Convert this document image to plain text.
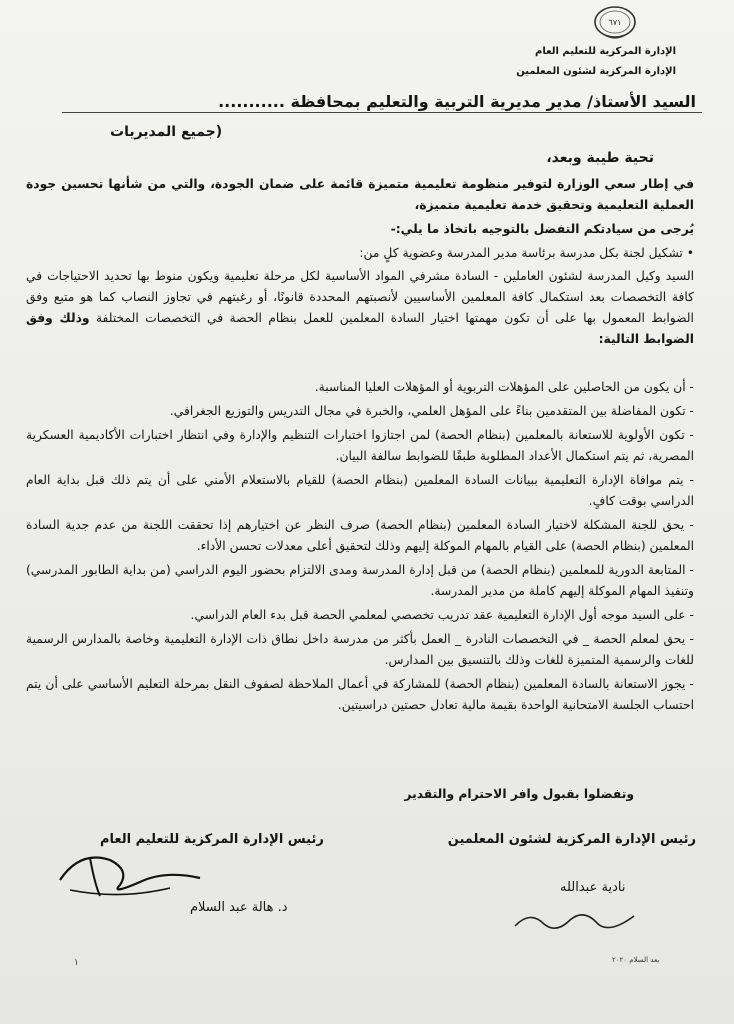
٦٧١
الإدارة المركزية للتعليم العام
الإدارة المركزية لشئون المعلمين
السيد الأستاذ/ مدير مديرية التربية والتعليم بمحافظة ...........
(جميع المديريات
تحية طيبة وبعد،
في إطار سعي الوزارة لتوفير منظومة تعليمية متميزة قائمة على ضمان الجودة، والتي من شأنها تحسين جودة العملية التعليمية وتحقيق خدمة تعليمية متميزة،
يُرجى من سيادتكم التفضل بالتوجيه باتخاذ ما يلي:-
• تشكيل لجنة بكل مدرسة برئاسة مدير المدرسة وعضوية كلٍ من:
السيد وكيل المدرسة لشئون العاملين - السادة مشرفي المواد الأساسية لكل مرحلة تعليمية ويكون منوط بها تحديد الاحتياجات في كافة التخصصات بعد استكمال كافة المعلمين الأساسيين لأنصبتهم المحددة قانونًا، أو رغبتهم في تجاوز النصاب كما هو متبع وفق الضوابط المعمول بها على أن تكون مهمتها اختيار السادة المعلمين للعمل بنظام الحصة في التخصصات المختلفة وذلك وفق الضوابط التالية:
- أن يكون من الحاصلين على المؤهلات التربوية أو المؤهلات العليا المناسبة.
- تكون المفاضلة بين المتقدمين بناءً على المؤهل العلمي، والخبرة في مجال التدريس والتوزيع الجغرافي.
- تكون الأولوية للاستعانة بالمعلمين (بنظام الحصة) لمن اجتازوا اختبارات التنظيم والإدارة وفي انتظار اختبارات الأكاديمية العسكرية المصرية، ثم يتم استكمال الأعداد المطلوبة طبقًا للضوابط سالفة البيان.
- يتم موافاة الإدارة التعليمية ببيانات السادة المعلمين (بنظام الحصة) للقيام بالاستعلام الأمني على أن يتم ذلك قبل بداية العام الدراسي بوقت كافٍ.
- يحق للجنة المشكلة لاختيار السادة المعلمين (بنظام الحصة) صرف النظر عن اختيارهم إذا تحققت اللجنة من عدم جدية السادة المعلمين (بنظام الحصة) على القيام بالمهام الموكلة إليهم وذلك لتحقيق أعلى معدلات تحسن الأداء.
- المتابعة الدورية للمعلمين (بنظام الحصة) من قبل إدارة المدرسة ومدى الالتزام بحضور اليوم الدراسي (من بداية الطابور المدرسي) وتنفيذ المهام الموكلة إليهم كاملة من مدير المدرسة.
- على السيد موجه أول الإدارة التعليمية عقد تدريب تخصصي لمعلمي الحصة قبل بدء العام الدراسي.
- يحق لمعلم الحصة _ في التخصصات النادرة _ العمل بأكثر من مدرسة داخل نطاق ذات الإدارة التعليمية وخاصة بالمدارس الرسمية للغات والرسمية المتميزة للغات وذلك بالتنسيق بين المدارس.
- يجوز الاستعانة بالسادة المعلمين (بنظام الحصة) للمشاركة في أعمال الملاحظة لصفوف النقل بمرحلة التعليم الأساسي على أن يتم احتساب الجلسة الامتحانية الواحدة بقيمة مالية تعادل حصتين دراسيتين.
وتفضلوا بقبول وافر الاحترام والتقدير
رئيس الإدارة المركزية لشئون المعلمين
رئيس الإدارة المركزية للتعليم العام
د. هالة عبد السلام
نادية عبدالله
١	بعد السلام ٢٠٢٠
